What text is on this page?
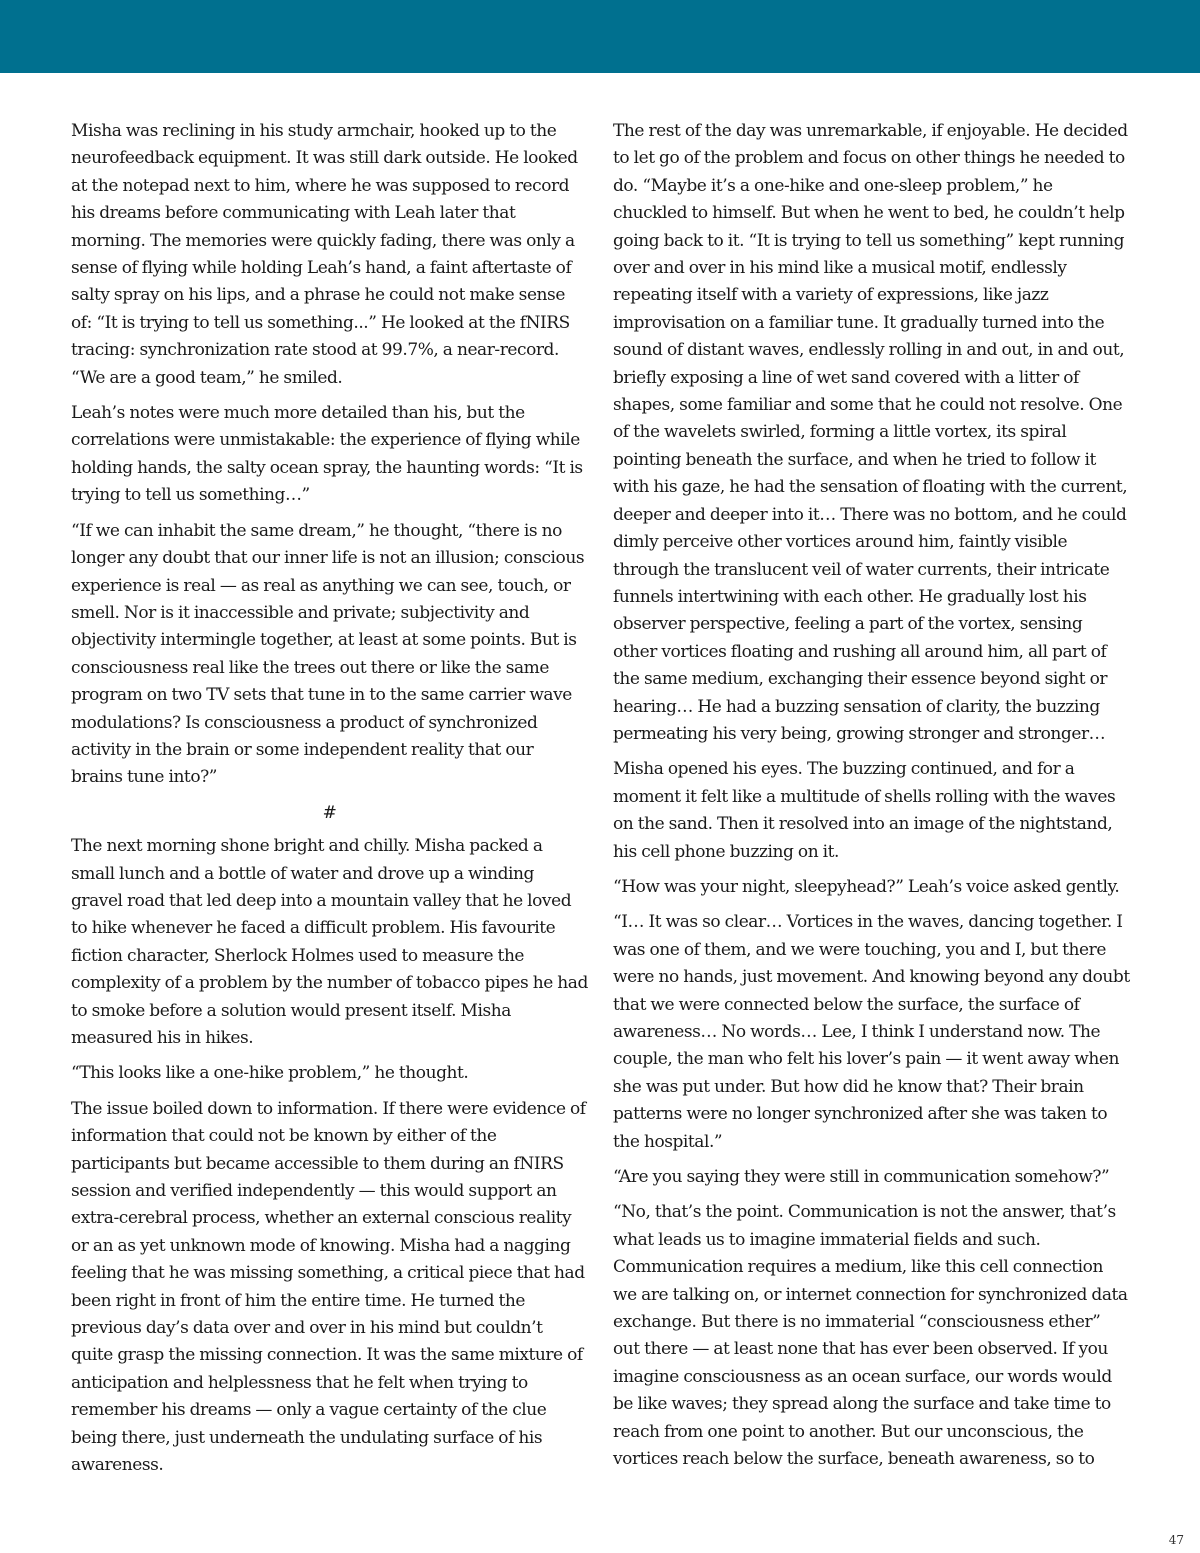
Misha was reclining in his study armchair, hooked up to the neurofeedback equipment. It was still dark outside. He looked at the notepad next to him, where he was supposed to record his dreams before communicating with Leah later that morning. The memories were quickly fading, there was only a sense of flying while holding Leah’s hand, a faint aftertaste of salty spray on his lips, and a phrase he could not make sense of: “It is trying to tell us something...” He looked at the fNIRS tracing: synchronization rate stood at 99.7%, a near-record. “We are a good team,” he smiled.

Leah’s notes were much more detailed than his, but the correlations were unmistakable: the experience of flying while holding hands, the salty ocean spray, the haunting words: “It is trying to tell us something…”

“If we can inhabit the same dream,” he thought, “there is no longer any doubt that our inner life is not an illusion; conscious experience is real — as real as anything we can see, touch, or smell. Nor is it inaccessible and private; subjectivity and objectivity intermingle together, at least at some points. But is consciousness real like the trees out there or like the same program on two TV sets that tune in to the same carrier wave modulations? Is consciousness a product of synchronized activity in the brain or some independent reality that our brains tune into?”

#

The next morning shone bright and chilly. Misha packed a small lunch and a bottle of water and drove up a winding gravel road that led deep into a mountain valley that he loved to hike whenever he faced a difficult problem. His favourite fiction character, Sherlock Holmes used to measure the complexity of a problem by the number of tobacco pipes he had to smoke before a solution would present itself. Misha measured his in hikes.

“This looks like a one-hike problem,” he thought.

The issue boiled down to information. If there were evidence of information that could not be known by either of the participants but became accessible to them during an fNIRS session and verified independently — this would support an extra-cerebral process, whether an external conscious reality or an as yet unknown mode of knowing. Misha had a nagging feeling that he was missing something, a critical piece that had been right in front of him the entire time. He turned the previous day’s data over and over in his mind but couldn’t quite grasp the missing connection. It was the same mixture of anticipation and helplessness that he felt when trying to remember his dreams — only a vague certainty of the clue being there, just underneath the undulating surface of his awareness.

The rest of the day was unremarkable, if enjoyable. He decided to let go of the problem and focus on other things he needed to do. “Maybe it’s a one-hike and one-sleep problem,” he chuckled to himself. But when he went to bed, he couldn’t help going back to it. “It is trying to tell us something” kept running over and over in his mind like a musical motif, endlessly repeating itself with a variety of expressions, like jazz improvisation on a familiar tune. It gradually turned into the sound of distant waves, endlessly rolling in and out, in and out, briefly exposing a line of wet sand covered with a litter of shapes, some familiar and some that he could not resolve. One of the wavelets swirled, forming a little vortex, its spiral pointing beneath the surface, and when he tried to follow it with his gaze, he had the sensation of floating with the current, deeper and deeper into it… There was no bottom, and he could dimly perceive other vortices around him, faintly visible through the translucent veil of water currents, their intricate funnels intertwining with each other. He gradually lost his observer perspective, feeling a part of the vortex, sensing other vortices floating and rushing all around him, all part of the same medium, exchanging their essence beyond sight or hearing… He had a buzzing sensation of clarity, the buzzing permeating his very being, growing stronger and stronger…

Misha opened his eyes. The buzzing continued, and for a moment it felt like a multitude of shells rolling with the waves on the sand. Then it resolved into an image of the nightstand, his cell phone buzzing on it.

“How was your night, sleepyhead?” Leah’s voice asked gently.

“I… It was so clear… Vortices in the waves, dancing together. I was one of them, and we were touching, you and I, but there were no hands, just movement. And knowing beyond any doubt that we were connected below the surface, the surface of awareness… No words… Lee, I think I understand now. The couple, the man who felt his lover’s pain — it went away when she was put under. But how did he know that? Their brain patterns were no longer synchronized after she was taken to the hospital.”

“Are you saying they were still in communication somehow?”

“No, that’s the point. Communication is not the answer, that’s what leads us to imagine immaterial fields and such. Communication requires a medium, like this cell connection we are talking on, or internet connection for synchronized data exchange. But there is no immaterial “consciousness ether” out there — at least none that has ever been observed. If you imagine consciousness as an ocean surface, our words would be like waves; they spread along the surface and take time to reach from one point to another. But our unconscious, the vortices reach below the surface, beneath awareness, so to

47
